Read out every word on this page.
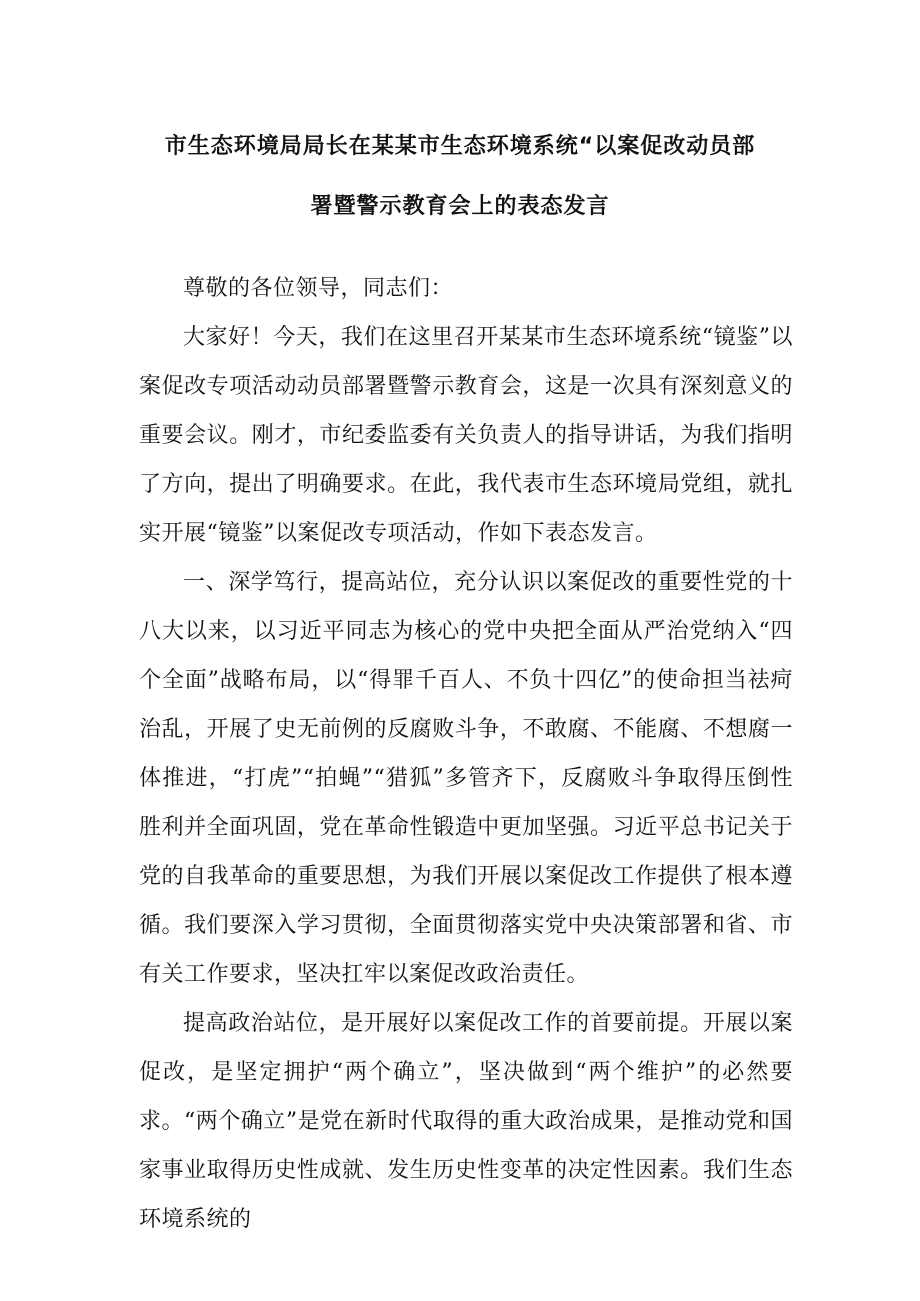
市生态环境局局长在某某市生态环境系统“以案促改动员部
署暨警示教育会上的表态发言

尊敬的各位领导，同志们：

大家好！今天，我们在这里召开某某市生态环境系统“镜鉴”以案促改专项活动动员部署暨警示教育会，这是一次具有深刻意义的重要会议。刚才，市纪委监委有关负责人的指导讲话，为我们指明了方向，提出了明确要求。在此，我代表市生态环境局党组，就扎实开展“镜鉴”以案促改专项活动，作如下表态发言。

一、深学笃行，提高站位，充分认识以案促改的重要性党的十八大以来，以习近平同志为核心的党中央把全面从严治党纳入“四个全面”战略布局，以“得罪千百人、不负十四亿”的使命担当祛疴治乱，开展了史无前例的反腐败斗争，不敢腐、不能腐、不想腐一体推进，“打虎”“拍蝇”“猎狐”多管齐下，反腐败斗争取得压倒性胜利并全面巩固，党在革命性锻造中更加坚强。习近平总书记关于党的自我革命的重要思想，为我们开展以案促改工作提供了根本遵循。我们要深入学习贯彻，全面贯彻落实党中央决策部署和省、市有关工作要求，坚决扛牢以案促改政治责任。

提高政治站位，是开展好以案促改工作的首要前提。开展以案促改，是坚定拥护“两个确立”，坚决做到“两个维护”的必然要求。“两个确立”是党在新时代取得的重大政治成果，是推动党和国家事业取得历史性成就、发生历史性变革的决定性因素。我们生态环境系统的
